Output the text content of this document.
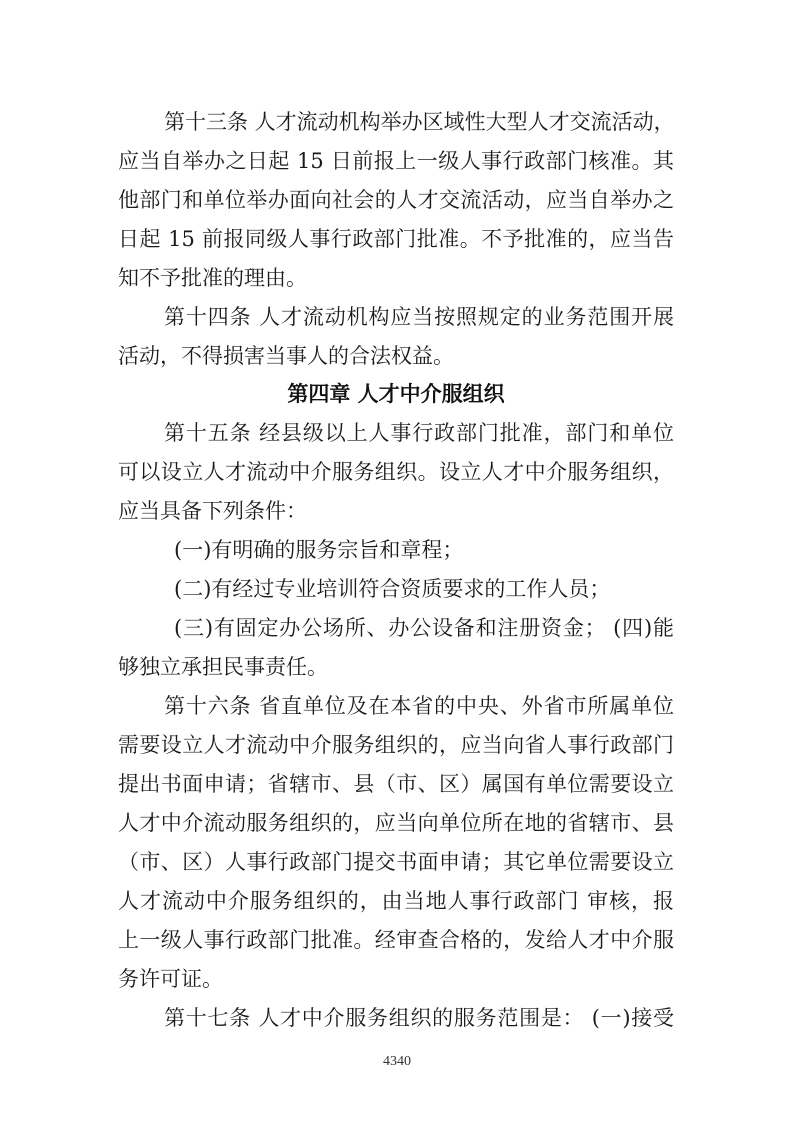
第十三条 人才流动机构举办区域性大型人才交流活动，
应当自举办之日起 15 日前报上一级人事行政部门核准。其
他部门和单位举办面向社会的人才交流活动，应当自举办之
日起 15 前报同级人事行政部门批准。不予批准的，应当告
知不予批准的理由。
第十四条 人才流动机构应当按照规定的业务范围开展
活动，不得损害当事人的合法权益。
第四章 人才中介服组织
第十五条 经县级以上人事行政部门批准，部门和单位
可以设立人才流动中介服务组织。设立人才中介服务组织，
应当具备下列条件：
(一)有明确的服务宗旨和章程；
(二)有经过专业培训符合资质要求的工作人员；
(三)有固定办公场所、办公设备和注册资金； (四)能
够独立承担民事责任。
第十六条 省直单位及在本省的中央、外省市所属单位
需要设立人才流动中介服务组织的，应当向省人事行政部门
提出书面申请；省辖市、县（市、区）属国有单位需要设立
人才中介流动服务组织的，应当向单位所在地的省辖市、县
（市、区）人事行政部门提交书面申请；其它单位需要设立
人才流动中介服务组织的，由当地人事行政部门 审核，报
上一级人事行政部门批准。经审查合格的，发给人才中介服
务许可证。
第十七条 人才中介服务组织的服务范围是： (一)接受
4340
